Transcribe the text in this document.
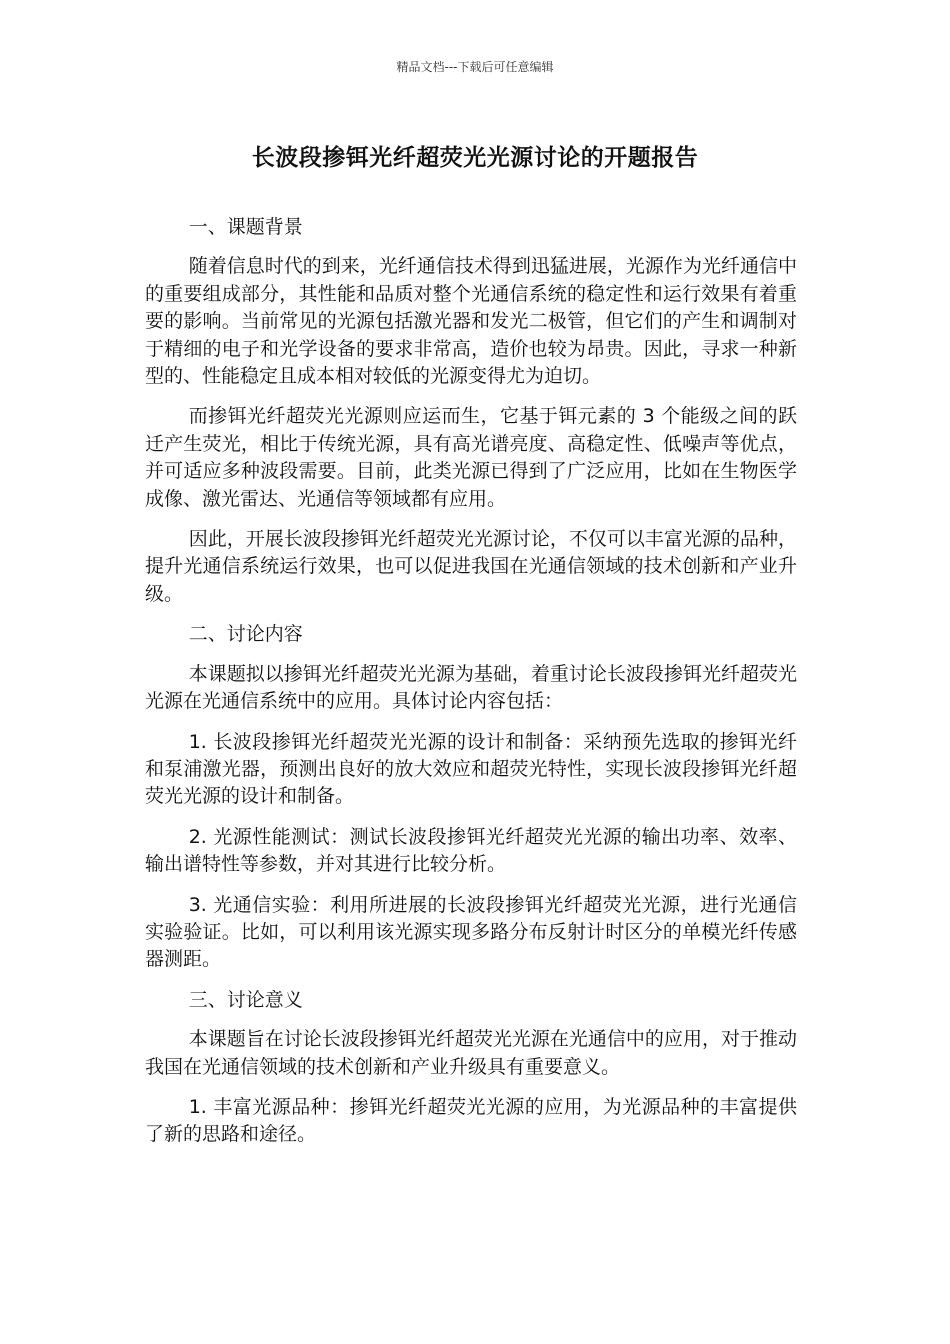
精品文档---下载后可任意编辑
长波段掺铒光纤超荧光光源讨论的开题报告

一、课题背景

随着信息时代的到来，光纤通信技术得到迅猛进展，光源作为光纤通信中的重要组成部分，其性能和品质对整个光通信系统的稳定性和运行效果有着重要的影响。当前常见的光源包括激光器和发光二极管，但它们的产生和调制对于精细的电子和光学设备的要求非常高，造价也较为昂贵。因此，寻求一种新型的、性能稳定且成本相对较低的光源变得尤为迫切。

而掺铒光纤超荧光光源则应运而生，它基于铒元素的 3 个能级之间的跃迁产生荧光，相比于传统光源，具有高光谱亮度、高稳定性、低噪声等优点，并可适应多种波段需要。目前，此类光源已得到了广泛应用，比如在生物医学成像、激光雷达、光通信等领域都有应用。

因此，开展长波段掺铒光纤超荧光光源讨论，不仅可以丰富光源的品种，提升光通信系统运行效果，也可以促进我国在光通信领域的技术创新和产业升级。

二、讨论内容

本课题拟以掺铒光纤超荧光光源为基础，着重讨论长波段掺铒光纤超荧光光源在光通信系统中的应用。具体讨论内容包括：

1. 长波段掺铒光纤超荧光光源的设计和制备：采纳预先选取的掺铒光纤和泵浦激光器，预测出良好的放大效应和超荧光特性，实现长波段掺铒光纤超荧光光源的设计和制备。

2. 光源性能测试：测试长波段掺铒光纤超荧光光源的输出功率、效率、输出谱特性等参数，并对其进行比较分析。

3. 光通信实验：利用所进展的长波段掺铒光纤超荧光光源，进行光通信实验验证。比如，可以利用该光源实现多路分布反射计时区分的单模光纤传感器测距。

三、讨论意义

本课题旨在讨论长波段掺铒光纤超荧光光源在光通信中的应用，对于推动我国在光通信领域的技术创新和产业升级具有重要意义。

1. 丰富光源品种：掺铒光纤超荧光光源的应用，为光源品种的丰富提供了新的思路和途径。
